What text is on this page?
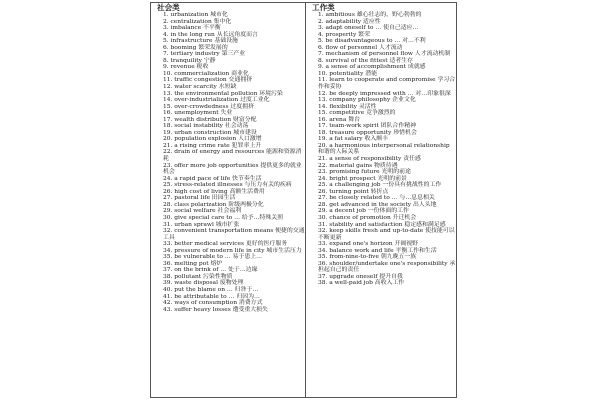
社会类
1. urbanization 城市化
2. centralization 集中化
3. imbalance 不平衡
4. in the long run 从长远角度而言
5. infrastructure 基础设施
6. booming 繁荣发展的
7. tertiary industry 第三产业
8. tranquility 宁静
9. revenue 税收
10. commercialization 商业化
11. traffic congestion 交通拥挤
12. water scarcity 水短缺
13. the environmental pollution 环境污染
14. over-industrialization 过度工业化
15. over-crowdedness 过度拥挤
16. unemployment 失业
17. wealth distribution 财富分配
18. social instability 社会动荡
19. urban construction 城市建设
20. population explosion 人口激增
21. a rising crime rate 犯罪率上升
22. drain of energy and resources 能源和资源消耗
23. offer more job opportunities 提供更多的就业机会
24. a rapid pace of life 快节奏生活
25. stress-related illnesses 与压力有关的疾病
26. high cost of living 高额生活费用
27. pastoral life 田园生活
28. class polarization 阶级两极分化
29. social welfare 社会福利
30. give special care to … 给予…特殊关照
31. urban sprawl 城市扩张
32. convenient transportation means 便捷的交通工具
33. better medical services 更好的医疗服务
34. pressure of modern life in city 城市生活压力
35. be vulnerable to … 易于患上…
36. melting pot 熔炉
37. on the brink of … 处于…边缘
38. pollutant 污染性物质
39. waste disposal 废物处理
40. put the blame on … 归咎于…
41. be attributable to … 归因为…
42. ways of consumption 消费方式
43. suffer heavy losses 遭受重大损失
工作类
1. ambitious 雄心壮志的，野心勃勃的
2. adaptability 适应性
3. adapt oneself to … 使自己适应…
4. prosperity 繁荣
5. be disadvantageous to … 对…不利
6. flow of personnel 人才流动
7. mechanism of personnel flow 人才流动机制
8. survival of the fittest 适者生存
9. a sense of accomplishment 成就感
10. potentiality 潜能
11. learn to cooperate and compromise 学习合作和妥协
12. be deeply impressed with … 对…印象很深
13. company philosophy 企业文化
14. flexibility 灵活性
15. competitive 竞争激烈的
16. arena 舞台
17. team-work spirit 团队合作精神
18. treasure opportunity 珍惜机会
19. a fat salary 收入颇丰
20. a harmonious interpersonal relationship 和谐的人际关系
21. a sense of responsibility 责任感
22. material gains 物质待遇
23. promising future 光明的前途
24. bright prospect 光明的前景
25. a challenging job 一份具有挑战性的工作
26. turning point 转折点
27. be closely related to … 与…息息相关
28. get advanced in the society 出人头地
29. a decent job 一份体面的工作
30. chance of promotion 升迁机会
31. stability and satisfaction 稳定感和满足感
32. keep skills fresh and up-to-date 使技能可以不断更新
33. expand one's horizon 开阔视野
34. balance work and life 平衡工作和生活
35. from-nine-to-five 朝九晚五一族
36. shoulder/undertake one's responsibility 承担起自己的责任
37. upgrade oneself 提升自我
38. a well-paid job 高收入工作
